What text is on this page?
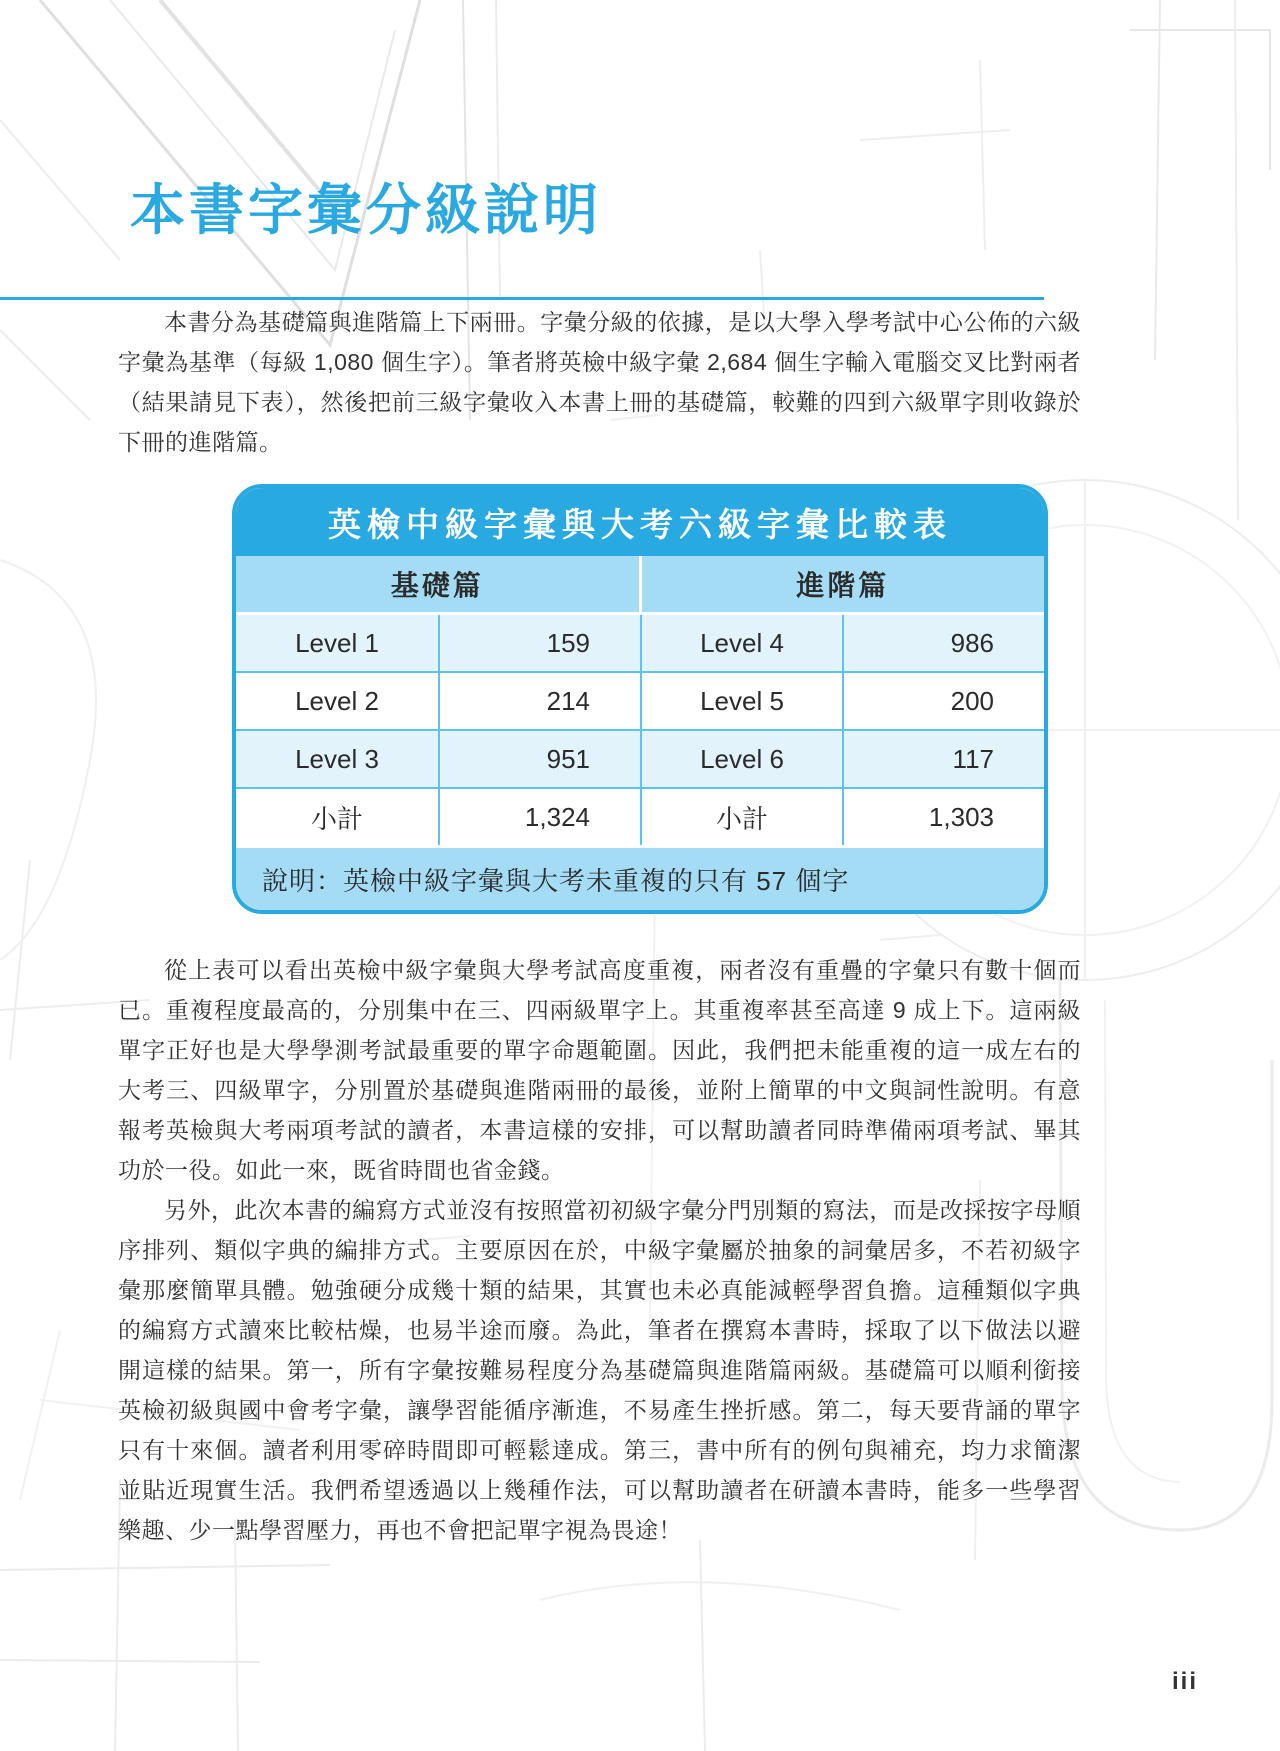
本書字彙分級說明

本書分為基礎篇與進階篇上下兩冊。字彙分級的依據，是以大學入學考試中心公佈的六級字彙為基準（每級 1,080 個生字）。筆者將英檢中級字彙 2,684 個生字輸入電腦交叉比對兩者（結果請見下表），然後把前三級字彙收入本書上冊的基礎篇，較難的四到六級單字則收錄於下冊的進階篇。

英檢中級字彙與大考六級字彙比較表
基礎篇	進階篇
Level 1	159	Level 4	986
Level 2	214	Level 5	200
Level 3	951	Level 6	117
小計	1,324	小計	1,303
說明：英檢中級字彙與大考未重複的只有 57 個字

從上表可以看出英檢中級字彙與大學考試高度重複，兩者沒有重疊的字彙只有數十個而已。重複程度最高的，分別集中在三、四兩級單字上。其重複率甚至高達 9 成上下。這兩級單字正好也是大學學測考試最重要的單字命題範圍。因此，我們把未能重複的這一成左右的大考三、四級單字，分別置於基礎與進階兩冊的最後，並附上簡單的中文與詞性說明。有意報考英檢與大考兩項考試的讀者，本書這樣的安排，可以幫助讀者同時準備兩項考試、畢其功於一役。如此一來，既省時間也省金錢。

另外，此次本書的編寫方式並沒有按照當初初級字彙分門別類的寫法，而是改採按字母順序排列、類似字典的編排方式。主要原因在於，中級字彙屬於抽象的詞彙居多，不若初級字彙那麼簡單具體。勉強硬分成幾十類的結果，其實也未必真能減輕學習負擔。這種類似字典的編寫方式讀來比較枯燥，也易半途而廢。為此，筆者在撰寫本書時，採取了以下做法以避開這樣的結果。第一，所有字彙按難易程度分為基礎篇與進階篇兩級。基礎篇可以順利銜接英檢初級與國中會考字彙，讓學習能循序漸進，不易產生挫折感。第二，每天要背誦的單字只有十來個。讀者利用零碎時間即可輕鬆達成。第三，書中所有的例句與補充，均力求簡潔並貼近現實生活。我們希望透過以上幾種作法，可以幫助讀者在研讀本書時，能多一些學習樂趣、少一點學習壓力，再也不會把記單字視為畏途！

iii
